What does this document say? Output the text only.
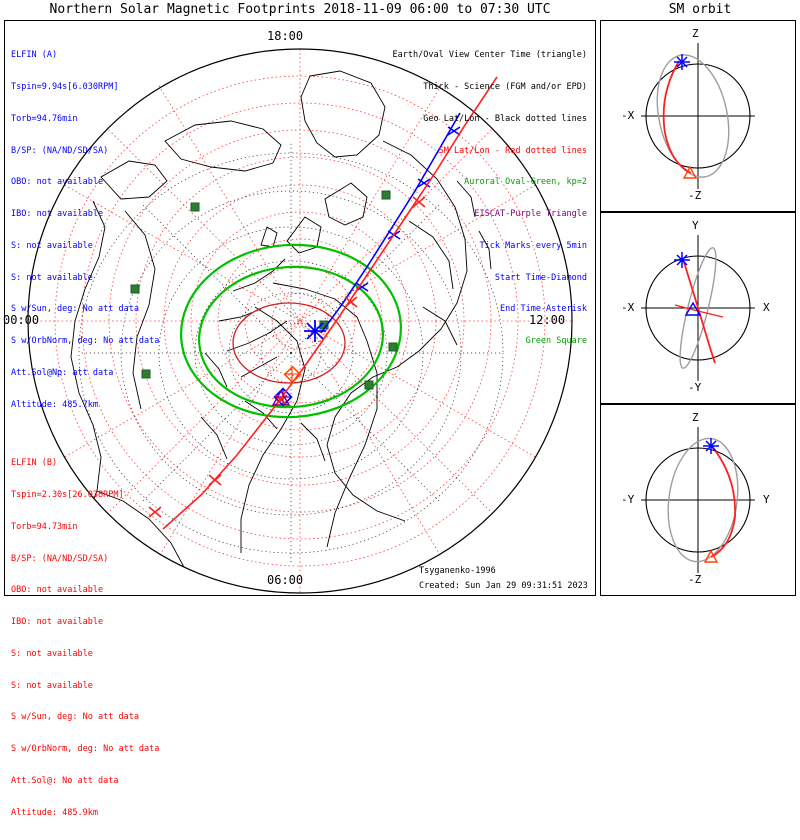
Northern Solar Magnetic Footprints 2018-11-09 06:00 to 07:30 UTC	SM orbit
18:00
12:00
06:00
00:00

ELFIN (A)

Tspin=9.94s[6.030RPM]

Torb=94.76min

B/SP: (NA/ND/SD/SA)

OBO: not available

IBO: not available

S: not available

S: not available

S w/Sun, deg: No att data

S w/OrbNorm, deg: No att data

Att.Sol@Np: att data

Altitude: 485.7km

ELFIN (B)

Tspin=2.30s[26.038RPM]

Torb=94.73min

B/SP: (NA/ND/SD/SA)

OBO: not available

IBO: not available

S: not available

S: not available

S w/Sun, deg: No att data

S w/OrbNorm, deg: No att data

Att.Sol@: No att data

Altitude: 485.9km

Earth/Oval View Center Time (triangle)

Thick - Science (FGM and/or EPD)

Geo Lat/Lon - Black dotted lines

SM Lat/Lon - Red dotted lines

Auroral Oval-Green, kp=2

EISCAT-Purple Triangle

Tick Marks every 5min

Start Time-Diamond

End Time-Asterisk

Green Square

Tsyganenko-1996
Created: Sun Jan 29 09:31:51 2023
Z
-Z
-X
Y
-Y
-X	X
Z
-Z
-Y	Y
